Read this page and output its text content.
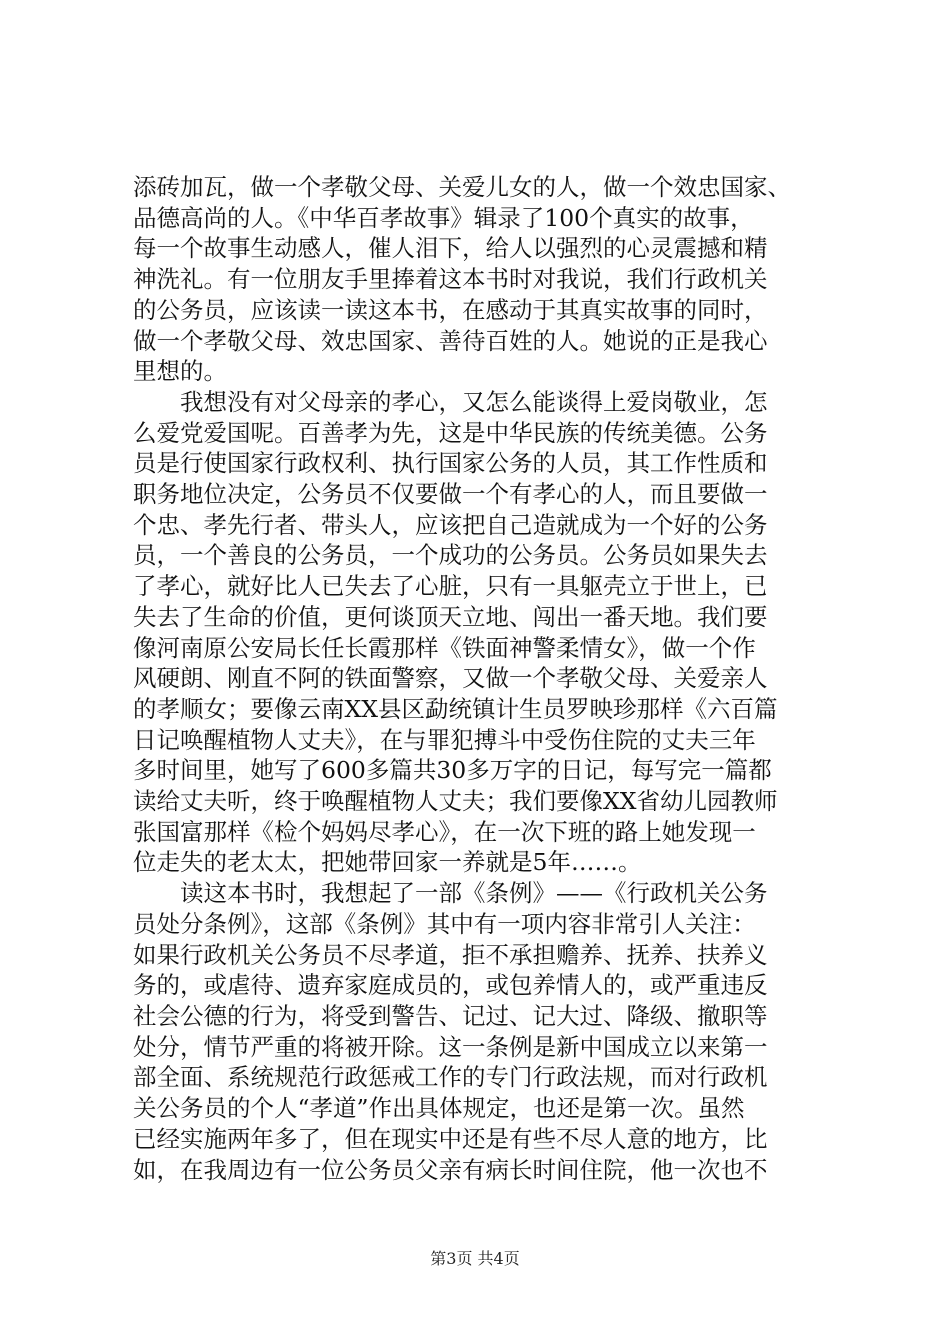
添砖加瓦，做一个孝敬父母、关爱儿女的人，做一个效忠国家、
品德高尚的人。《中华百孝故事》辑录了100个真实的故事，
每一个故事生动感人，催人泪下，给人以强烈的心灵震撼和精
神洗礼。有一位朋友手里捧着这本书时对我说，我们行政机关
的公务员，应该读一读这本书，在感动于其真实故事的同时，
做一个孝敬父母、效忠国家、善待百姓的人。她说的正是我心
里想的。
我想没有对父母亲的孝心，又怎么能谈得上爱岗敬业，怎
么爱党爱国呢。百善孝为先，这是中华民族的传统美德。公务
员是行使国家行政权利、执行国家公务的人员，其工作性质和
职务地位决定，公务员不仅要做一个有孝心的人，而且要做一
个忠、孝先行者、带头人，应该把自己造就成为一个好的公务
员，一个善良的公务员，一个成功的公务员。公务员如果失去
了孝心，就好比人已失去了心脏，只有一具躯壳立于世上，已
失去了生命的价值，更何谈顶天立地、闯出一番天地。我们要
像河南原公安局长任长霞那样《铁面神警柔情女》，做一个作
风硬朗、刚直不阿的铁面警察，又做一个孝敬父母、关爱亲人
的孝顺女；要像云南XX县区勐统镇计生员罗映珍那样《六百篇
日记唤醒植物人丈夫》，在与罪犯搏斗中受伤住院的丈夫三年
多时间里，她写了600多篇共30多万字的日记，每写完一篇都
读给丈夫听，终于唤醒植物人丈夫；我们要像XX省幼儿园教师
张国富那样《检个妈妈尽孝心》，在一次下班的路上她发现一
位走失的老太太，把她带回家一养就是5年……。
读这本书时，我想起了一部《条例》——《行政机关公务
员处分条例》，这部《条例》其中有一项内容非常引人关注：
如果行政机关公务员不尽孝道，拒不承担赡养、抚养、扶养义
务的，或虐待、遗弃家庭成员的，或包养情人的，或严重违反
社会公德的行为，将受到警告、记过、记大过、降级、撤职等
处分，情节严重的将被开除。这一条例是新中国成立以来第一
部全面、系统规范行政惩戒工作的专门行政法规，而对行政机
关公务员的个人“孝道”作出具体规定，也还是第一次。虽然
已经实施两年多了，但在现实中还是有些不尽人意的地方，比
如，在我周边有一位公务员父亲有病长时间住院，他一次也不
第3页 共4页
